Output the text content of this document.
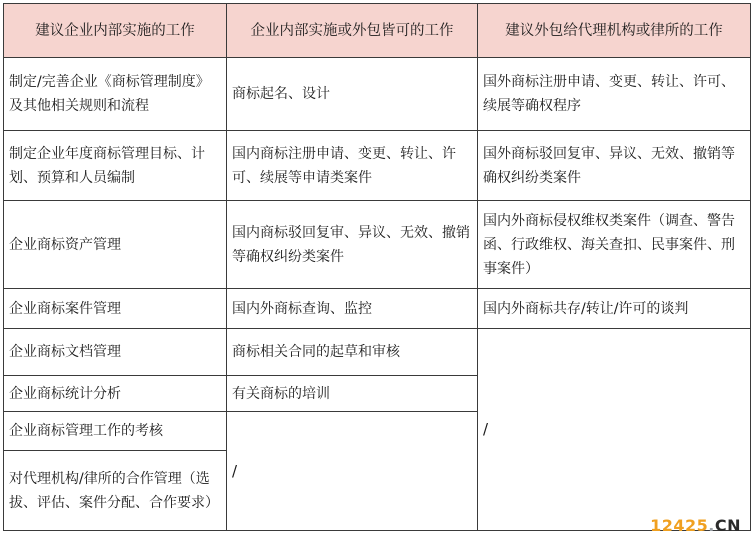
建议企业内部实施的工作	企业内部实施或外包皆可的工作	建议外包给代理机构或律所的工作
制定/完善企业《商标管理制度》及其他相关规则和流程	商标起名、设计	国外商标注册申请、变更、转让、许可、续展等确权程序
制定企业年度商标管理目标、计划、预算和人员编制	国内商标注册申请、变更、转让、许可、续展等申请类案件	国外商标驳回复审、异议、无效、撤销等确权纠纷类案件
企业商标资产管理	国内商标驳回复审、异议、无效、撤销等确权纠纷类案件	国内外商标侵权维权类案件（调查、警告函、行政维权、海关查扣、民事案件、刑事案件）
企业商标案件管理	国内外商标查询、监控	国内外商标共存/转让/许可的谈判
企业商标文档管理	商标相关合同的起草和审核	/
企业商标统计分析	有关商标的培训	
企业商标管理工作的考核	/	
对代理机构/律所的合作管理（选拔、评估、案件分配、合作要求）		
12425.CN
